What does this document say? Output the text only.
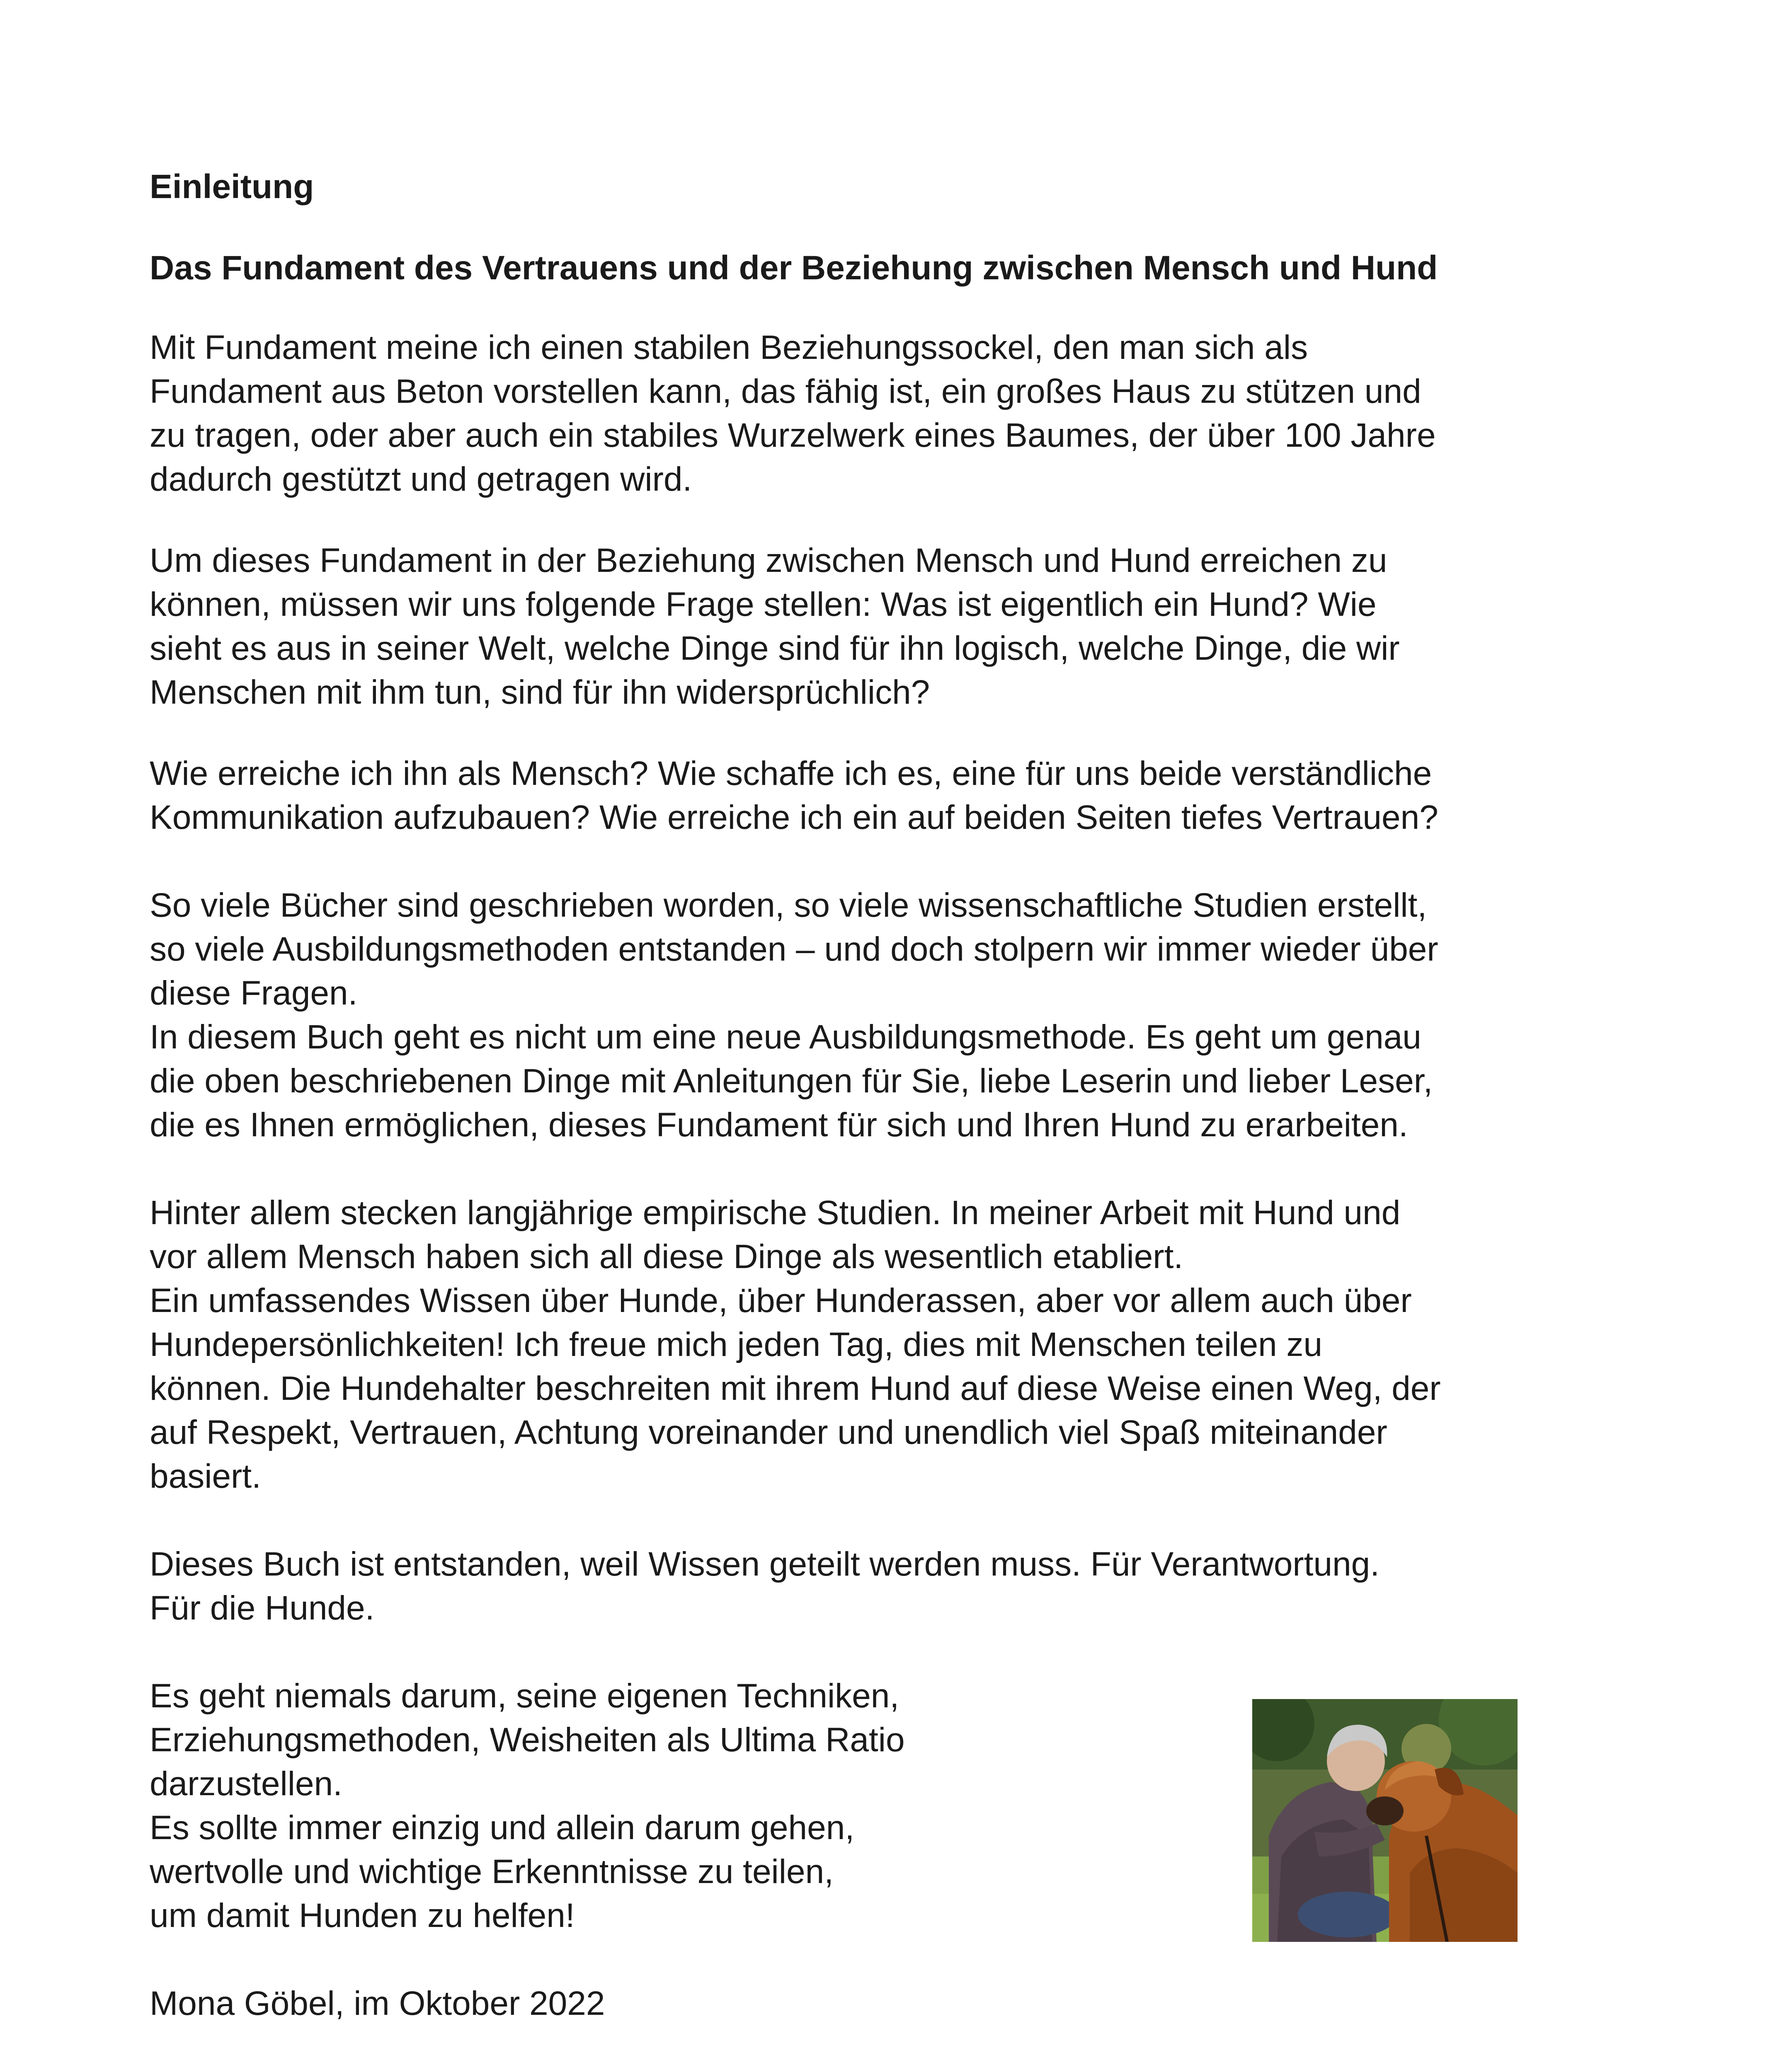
Einleitung
Das Fundament des Vertrauens und der Beziehung zwischen Mensch und Hund

Mit Fundament meine ich einen stabilen Beziehungssockel, den man sich als
Fundament aus Beton vorstellen kann, das fähig ist, ein großes Haus zu stützen und
zu tragen, oder aber auch ein stabiles Wurzelwerk eines Baumes, der über 100 Jahre
dadurch gestützt und getragen wird.

Um dieses Fundament in der Beziehung zwischen Mensch und Hund erreichen zu
können, müssen wir uns folgende Frage stellen: Was ist eigentlich ein Hund? Wie
sieht es aus in seiner Welt, welche Dinge sind für ihn logisch, welche Dinge, die wir
Menschen mit ihm tun, sind für ihn widersprüchlich?

Wie erreiche ich ihn als Mensch? Wie schaffe ich es, eine für uns beide verständliche
Kommunikation aufzubauen? Wie erreiche ich ein auf beiden Seiten tiefes Vertrauen?

So viele Bücher sind geschrieben worden, so viele wissenschaftliche Studien erstellt,
so viele Ausbildungsmethoden entstanden – und doch stolpern wir immer wieder über
diese Fragen.
In diesem Buch geht es nicht um eine neue Ausbildungsmethode. Es geht um genau
die oben beschriebenen Dinge mit Anleitungen für Sie, liebe Leserin und lieber Leser,
die es Ihnen ermöglichen, dieses Fundament für sich und Ihren Hund zu erarbeiten.

Hinter allem stecken langjährige empirische Studien. In meiner Arbeit mit Hund und
vor allem Mensch haben sich all diese Dinge als wesentlich etabliert.
Ein umfassendes Wissen über Hunde, über Hunderassen, aber vor allem auch über
Hundepersönlichkeiten! Ich freue mich jeden Tag, dies mit Menschen teilen zu
können. Die Hundehalter beschreiten mit ihrem Hund auf diese Weise einen Weg, der
auf Respekt, Vertrauen, Achtung voreinander und unendlich viel Spaß miteinander
basiert.

Dieses Buch ist entstanden, weil Wissen geteilt werden muss. Für Verantwortung.
Für die Hunde.

Es geht niemals darum, seine eigenen Techniken,
Erziehungsmethoden, Weisheiten als Ultima Ratio
darzustellen.
Es sollte immer einzig und allein darum gehen,
wertvolle und wichtige Erkenntnisse zu teilen,
um damit Hunden zu helfen!

Mona Göbel, im Oktober 2022
